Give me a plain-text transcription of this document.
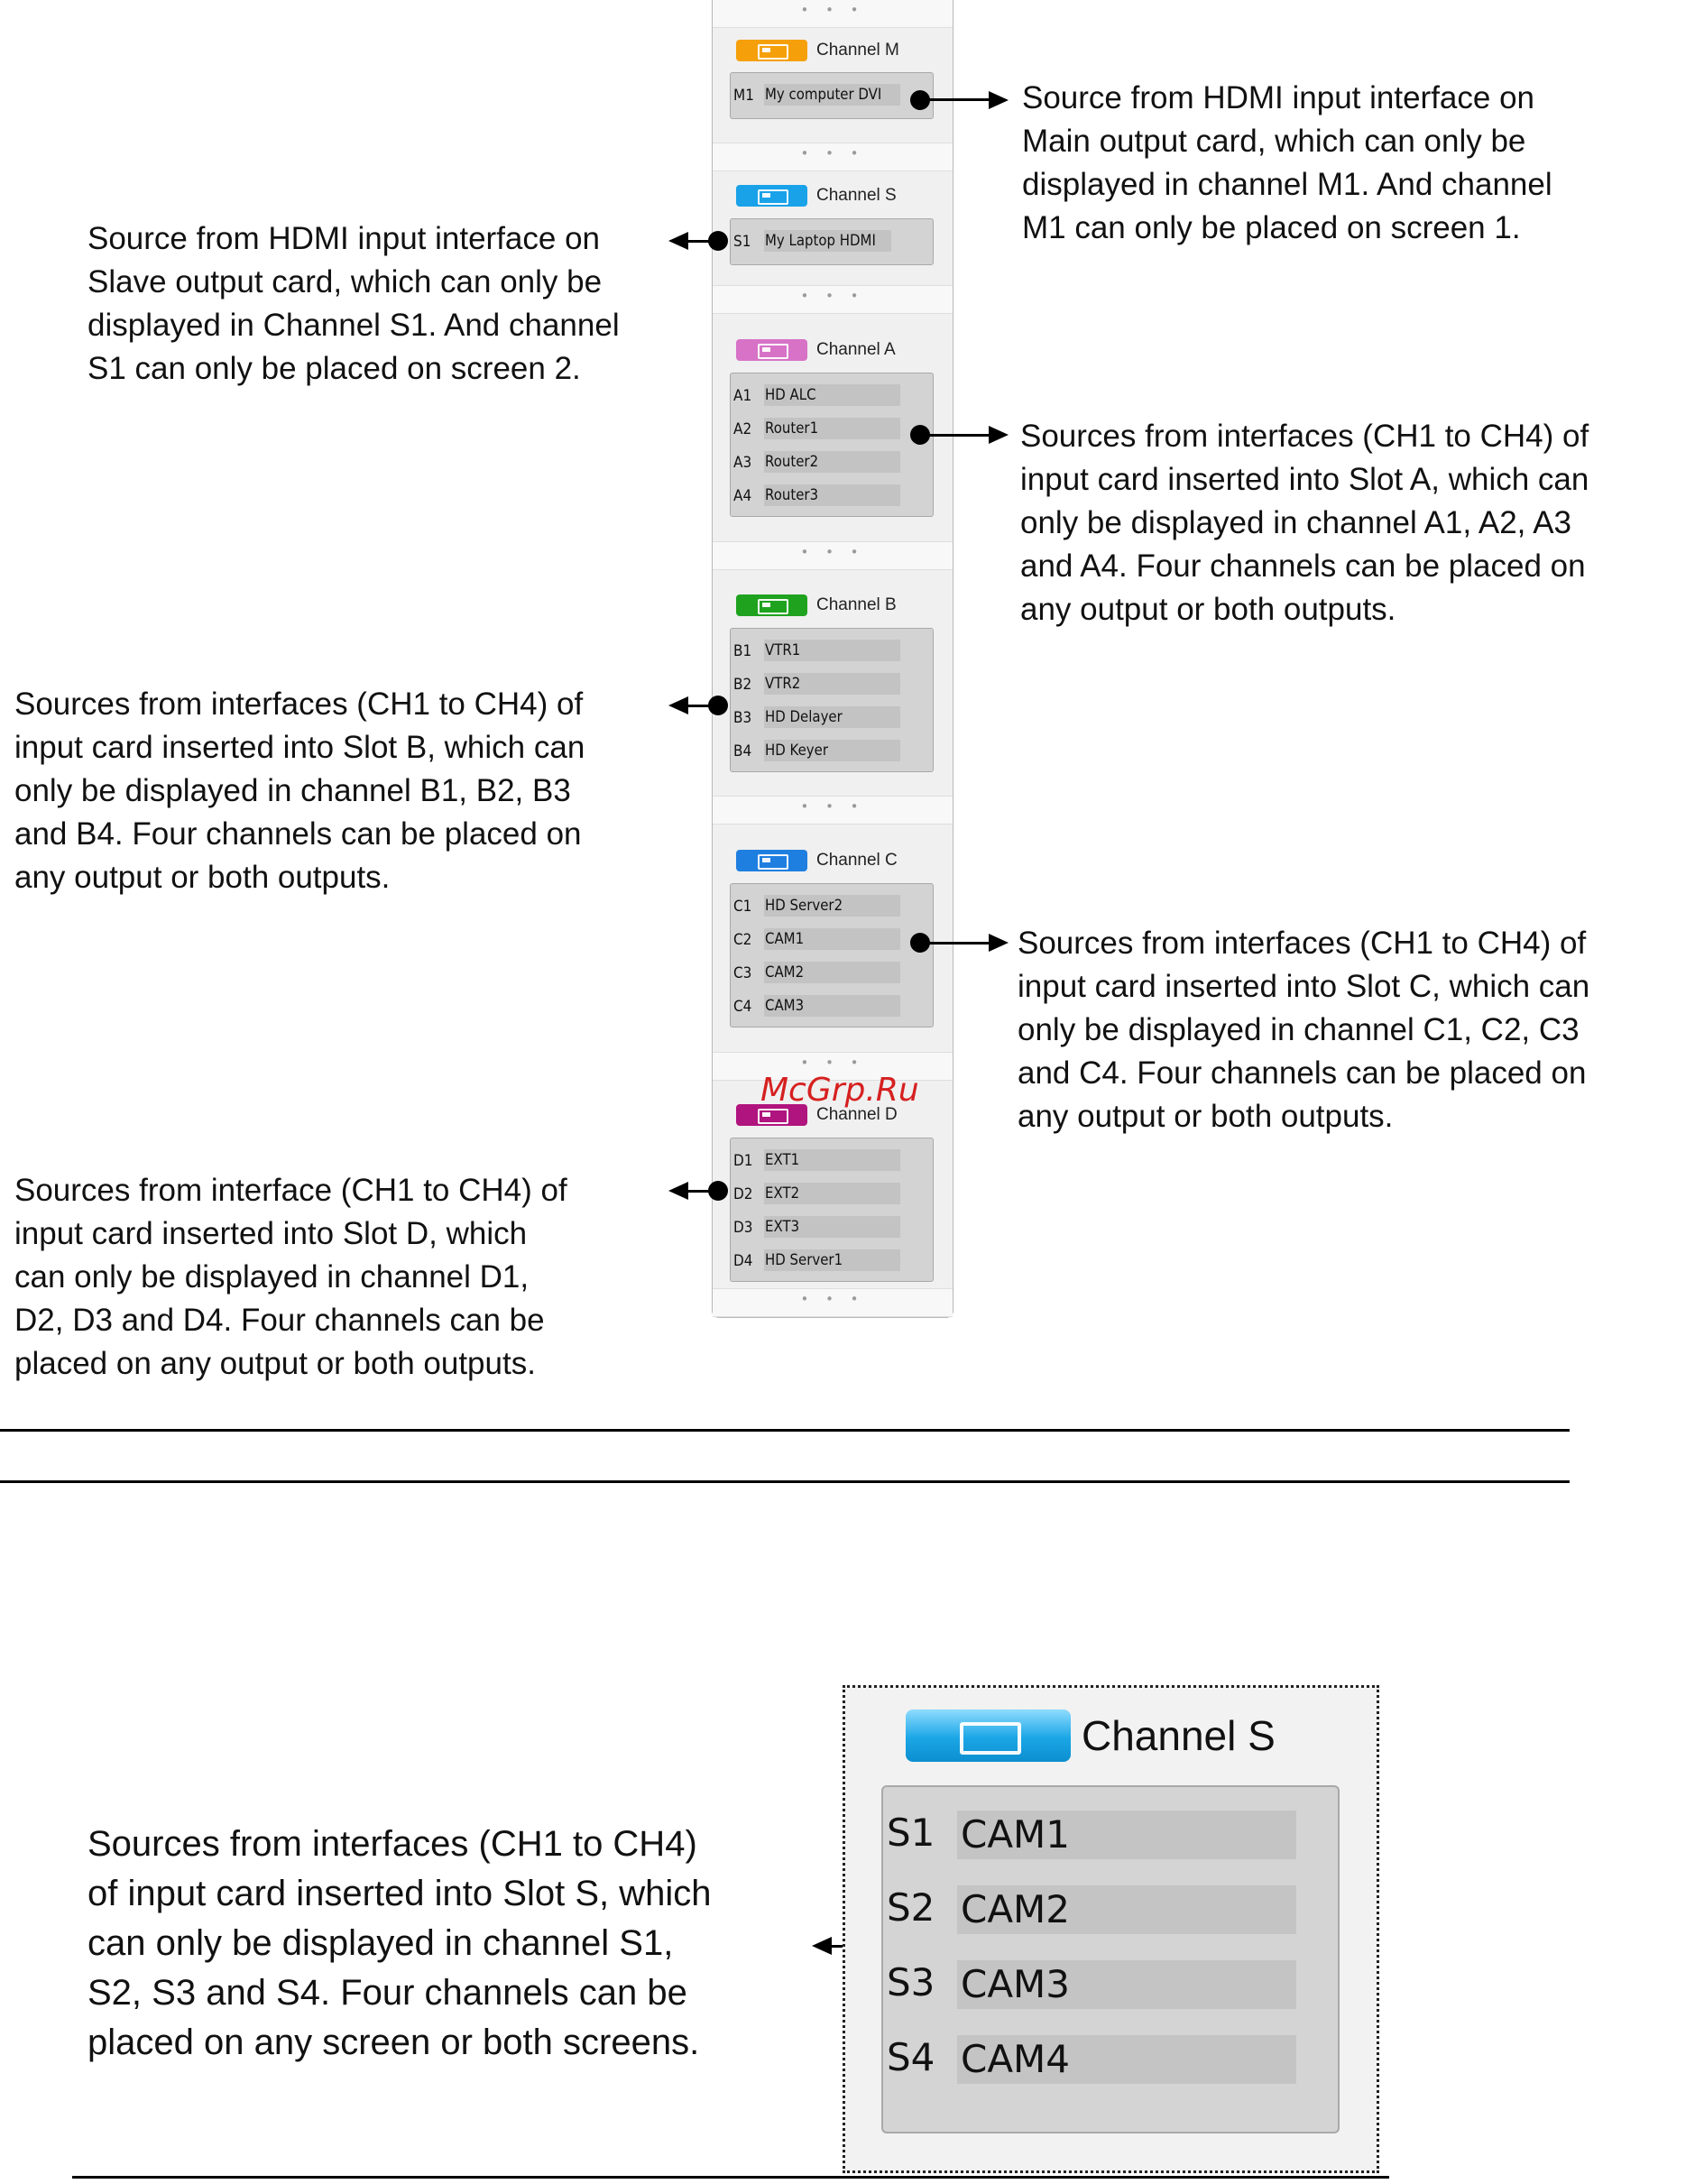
• • •
• • •
• • •
• • •
• • •
• • •
• • •
Channel M
M1 My computer DVI
Channel S
S1 My Laptop HDMI
Channel A
A1 HD ALC
A2 Router1
A3 Router2
A4 Router3
Channel B
B1 VTR1
B2 VTR2
B3 HD Delayer
B4 HD Keyer
Channel C
C1 HD Server2
C2 CAM1
C3 CAM2
C4 CAM3
Channel D
D1 EXT1
D2 EXT2
D3 EXT3
D4 HD Server1
McGrp.Ru
Source from HDMI input interface on
Main output card, which can only be
displayed in channel M1. And channel
M1 can only be placed on screen 1.
Source from HDMI input interface on
Slave output card, which can only be
displayed in Channel S1. And channel
S1 can only be placed on screen 2.
Sources from interfaces (CH1 to CH4) of
input card inserted into Slot A, which can
only be displayed in channel A1, A2, A3
and A4. Four channels can be placed on
any output or both outputs.
Sources from interfaces (CH1 to CH4) of
input card inserted into Slot B, which can
only be displayed in channel B1, B2, B3
and B4. Four channels can be placed on
any output or both outputs.
Sources from interfaces (CH1 to CH4) of
input card inserted into Slot C, which can
only be displayed in channel C1, C2, C3
and C4. Four channels can be placed on
any output or both outputs.
Sources from interface (CH1 to CH4) of
input card inserted into Slot D, which
can only be displayed in channel D1,
D2, D3 and D4. Four channels can be
placed on any output or both outputs.
Sources from interfaces (CH1 to CH4)
of input card inserted into Slot S, which
can only be displayed in channel S1,
S2, S3 and S4. Four channels can be
placed on any screen or both screens.
Channel S
S1 CAM1
S2 CAM2
S3 CAM3
S4 CAM4
